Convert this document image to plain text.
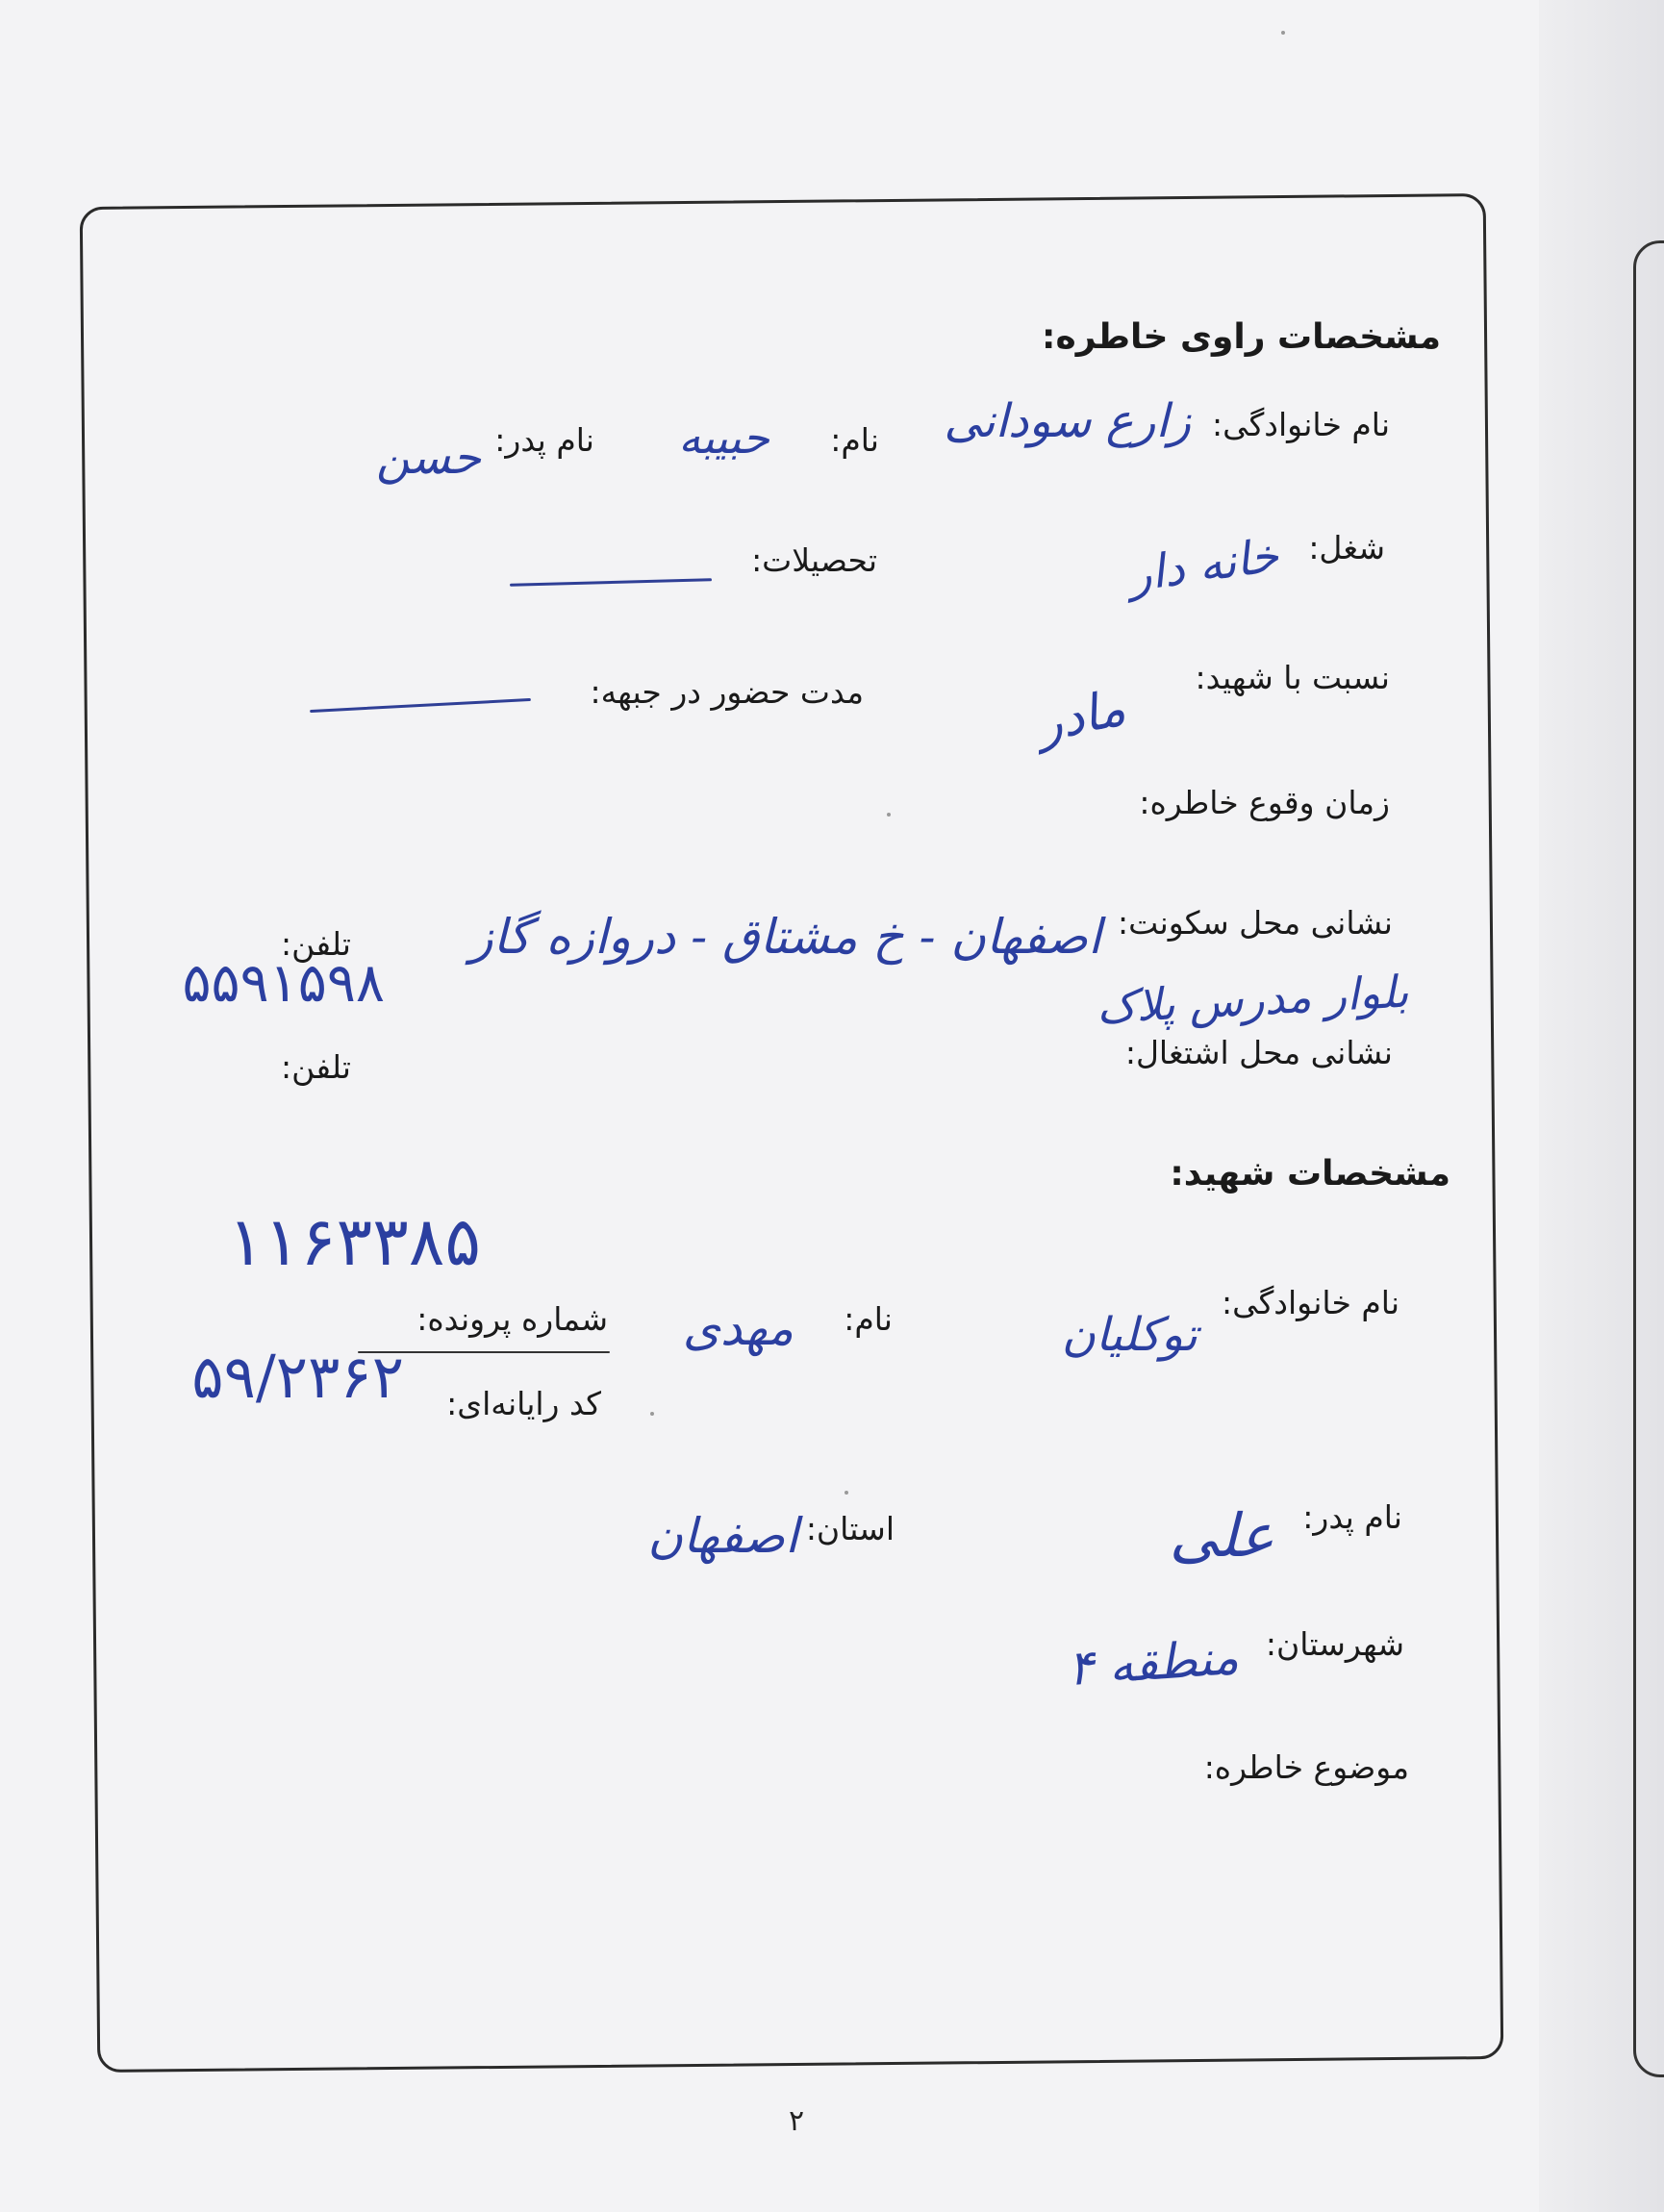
مشخصات راوی خاطره:
نام خانوادگی:
زارع سودانی
نام:
حبیبه
نام پدر:
حسن
شغل:
خانه دار
تحصیلات:
نسبت با شهید:
مادر
مدت حضور در جبهه:
زمان وقوع خاطره:
نشانی محل سکونت:
اصفهان - خ مشتاق - دروازه گاز
تلفن:
۵۵۹۱۵۹۸	بلوار مدرس پلاک
نشانی محل اشتغال:
تلفن:
مشخصات شهید:
۱۱۶۳۳۸۵
شماره پرونده:
۵۹/۲۳۶۲ کد رایانه‌ای:
نام خانوادگی:
توکلیان
نام:
مهدی
نام پدر:
علی
استان:
اصفهان
شهرستان:
منطقه ۴
موضوع خاطره:
۲
